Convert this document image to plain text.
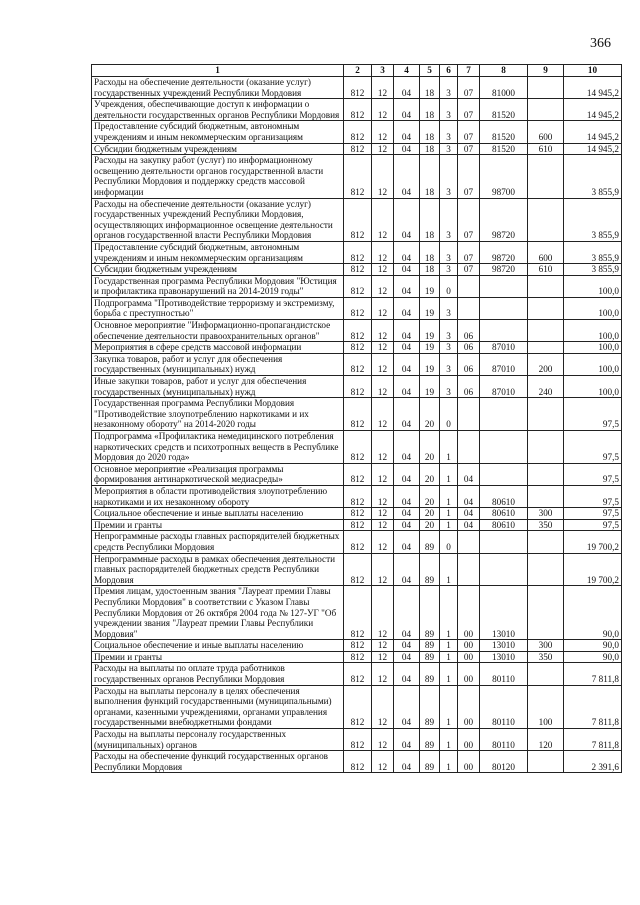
366
1	2	3	4	5	6	7	8	9	10
Расходы на обеспечение деятельности (оказание услуг) государственных учреждений Республики Мордовия	812	12	04	18	3	07	81000		14 945,2
Учреждения, обеспечивающие доступ к информации о деятельности государственных органов Республики Мордовия	812	12	04	18	3	07	81520		14 945,2
Предоставление субсидий бюджетным, автономным учреждениям и иным некоммерческим организациям	812	12	04	18	3	07	81520	600	14 945,2
Субсидии бюджетным учреждениям	812	12	04	18	3	07	81520	610	14 945,2
Расходы на закупку работ (услуг) по информационному освещению деятельности органов государственной власти Республики Мордовия и поддержку средств массовой информации	812	12	04	18	3	07	98700		3 855,9
Расходы на обеспечение деятельности (оказание услуг) государственных учреждений Республики Мордовия, осуществляющих информационное освещение деятельности органов государственной власти Республики Мордовия	812	12	04	18	3	07	98720		3 855,9
Предоставление субсидий бюджетным, автономным учреждениям и иным некоммерческим организациям	812	12	04	18	3	07	98720	600	3 855,9
Субсидии бюджетным учреждениям	812	12	04	18	3	07	98720	610	3 855,9
Государственная программа Республики Мордовия "Юстиция и профилактика правонарушений на 2014-2019 годы"	812	12	04	19	0				100,0
Подпрограмма "Противодействие терроризму и экстремизму, борьба с преступностью"	812	12	04	19	3				100,0
Основное мероприятие "Информационно-пропагандистское обеспечение деятельности правоохранительных органов"	812	12	04	19	3	06			100,0
Мероприятия в сфере средств массовой информации	812	12	04	19	3	06	87010		100,0
Закупка товаров, работ и услуг для обеспечения государственных (муниципальных) нужд	812	12	04	19	3	06	87010	200	100,0
Иные закупки товаров, работ и услуг для обеспечения государственных (муниципальных) нужд	812	12	04	19	3	06	87010	240	100,0
Государственная программа Республики Мордовия "Противодействие злоупотреблению наркотиками и их незаконному обороту" на 2014-2020 годы	812	12	04	20	0				97,5
Подпрограмма «Профилактика немедицинского потребления наркотических средств и психотропных веществ в Республике Мордовия до 2020 года»	812	12	04	20	1				97,5
Основное мероприятие «Реализация программы формирования антинаркотической медиасреды»	812	12	04	20	1	04			97,5
Мероприятия в области противодействия злоупотреблению наркотиками и их незаконному обороту	812	12	04	20	1	04	80610		97,5
Социальное обеспечение и иные выплаты населению	812	12	04	20	1	04	80610	300	97,5
Премии и гранты	812	12	04	20	1	04	80610	350	97,5
Непрограммные расходы главных распорядителей бюджетных средств Республики Мордовия	812	12	04	89	0				19 700,2
Непрограммные расходы в рамках обеспечения деятельности главных распорядителей бюджетных средств Республики Мордовия	812	12	04	89	1				19 700,2
Премия лицам, удостоенным звания "Лауреат премии Главы Республики Мордовия" в соответствии с Указом Главы Республики Мордовия от 26 октября 2004 года № 127-УГ "Об учреждении звания "Лауреат премии Главы Республики Мордовия"	812	12	04	89	1	00	13010		90,0
Социальное обеспечение и иные выплаты населению	812	12	04	89	1	00	13010	300	90,0
Премии и гранты	812	12	04	89	1	00	13010	350	90,0
Расходы на выплаты по оплате труда работников государственных органов Республики Мордовия	812	12	04	89	1	00	80110		7 811,8
Расходы на выплаты персоналу в целях обеспечения выполнения функций государственными (муниципальными) органами, казенными учреждениями, органами управления государственными внебюджетными фондами	812	12	04	89	1	00	80110	100	7 811,8
Расходы на выплаты персоналу государственных (муниципальных) органов	812	12	04	89	1	00	80110	120	7 811,8
Расходы на обеспечение функций государственных органов Республики Мордовия	812	12	04	89	1	00	80120		2 391,6
